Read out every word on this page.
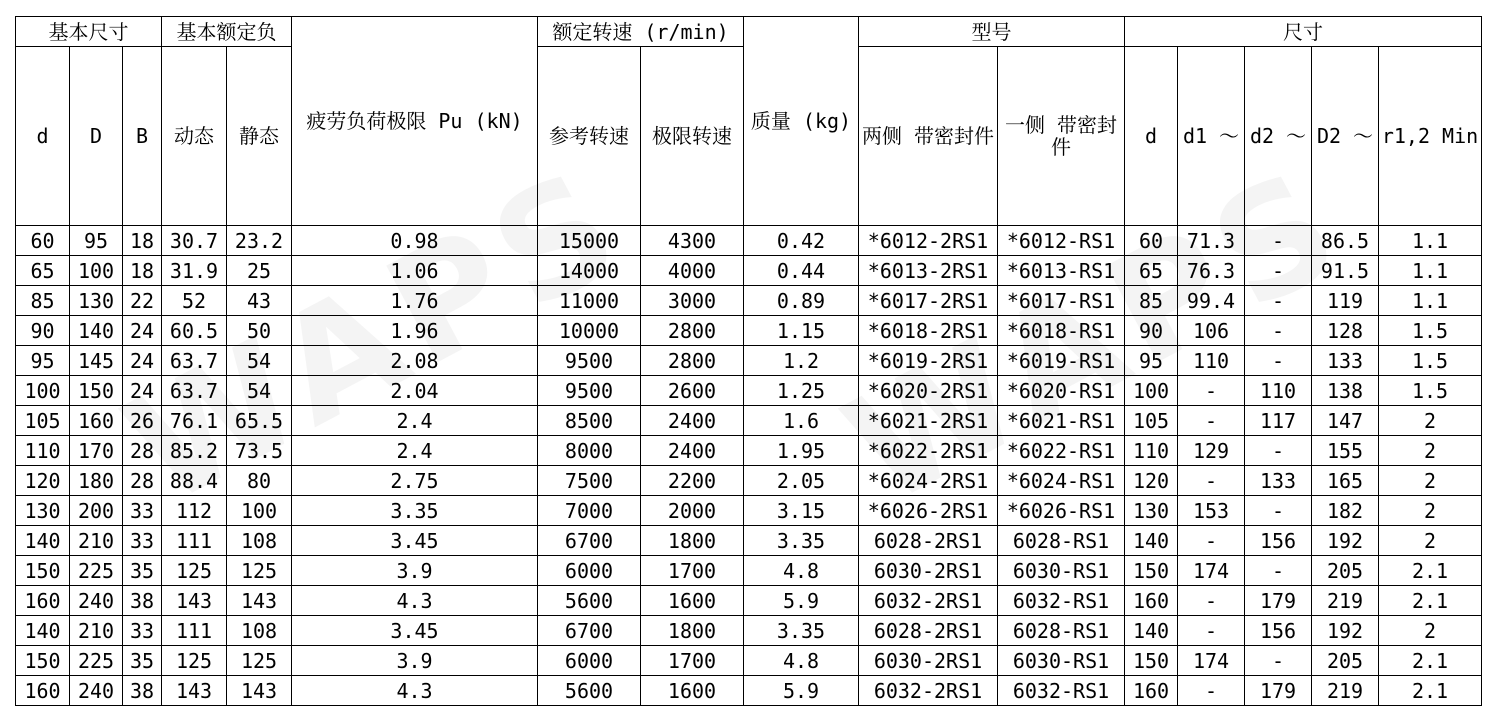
基本尺寸			基本额定负		疲劳负荷极限 Pu (kN)	额定转速 (r/min)		质量 (kg)	型号		尺寸				
d	D	B	动态	静态		参考转速	极限转速		两侧 带密封件	一侧 带密封件	d	d1 ～	d2 ～	D2 ～	r1,2 Min
60	95	18	30.7	23.2	0.98	15000	4300	0.42	*6012-2RS1	*6012-RS1	60	71.3	-	86.5	1.1
65	100	18	31.9	25	1.06	14000	4000	0.44	*6013-2RS1	*6013-RS1	65	76.3	-	91.5	1.1
85	130	22	52	43	1.76	11000	3000	0.89	*6017-2RS1	*6017-RS1	85	99.4	-	119	1.1
90	140	24	60.5	50	1.96	10000	2800	1.15	*6018-2RS1	*6018-RS1	90	106	-	128	1.5
95	145	24	63.7	54	2.08	9500	2800	1.2	*6019-2RS1	*6019-RS1	95	110	-	133	1.5
100	150	24	63.7	54	2.04	9500	2600	1.25	*6020-2RS1	*6020-RS1	100	-	110	138	1.5
105	160	26	76.1	65.5	2.4	8500	2400	1.6	*6021-2RS1	*6021-RS1	105	-	117	147	2
110	170	28	85.2	73.5	2.4	8000	2400	1.95	*6022-2RS1	*6022-RS1	110	129	-	155	2
120	180	28	88.4	80	2.75	7500	2200	2.05	*6024-2RS1	*6024-RS1	120	-	133	165	2
130	200	33	112	100	3.35	7000	2000	3.15	*6026-2RS1	*6026-RS1	130	153	-	182	2
140	210	33	111	108	3.45	6700	1800	3.35	6028-2RS1	6028-RS1	140	-	156	192	2
150	225	35	125	125	3.9	6000	1700	4.8	6030-2RS1	6030-RS1	150	174	-	205	2.1
160	240	38	143	143	4.3	5600	1600	5.9	6032-2RS1	6032-RS1	160	-	179	219	2.1
140	210	33	111	108	3.45	6700	1800	3.35	6028-2RS1	6028-RS1	140	-	156	192	2
150	225	35	125	125	3.9	6000	1700	4.8	6030-2RS1	6030-RS1	150	174	-	205	2.1
160	240	38	143	143	4.3	5600	1600	5.9	6032-2RS1	6032-RS1	160	-	179	219	2.1
